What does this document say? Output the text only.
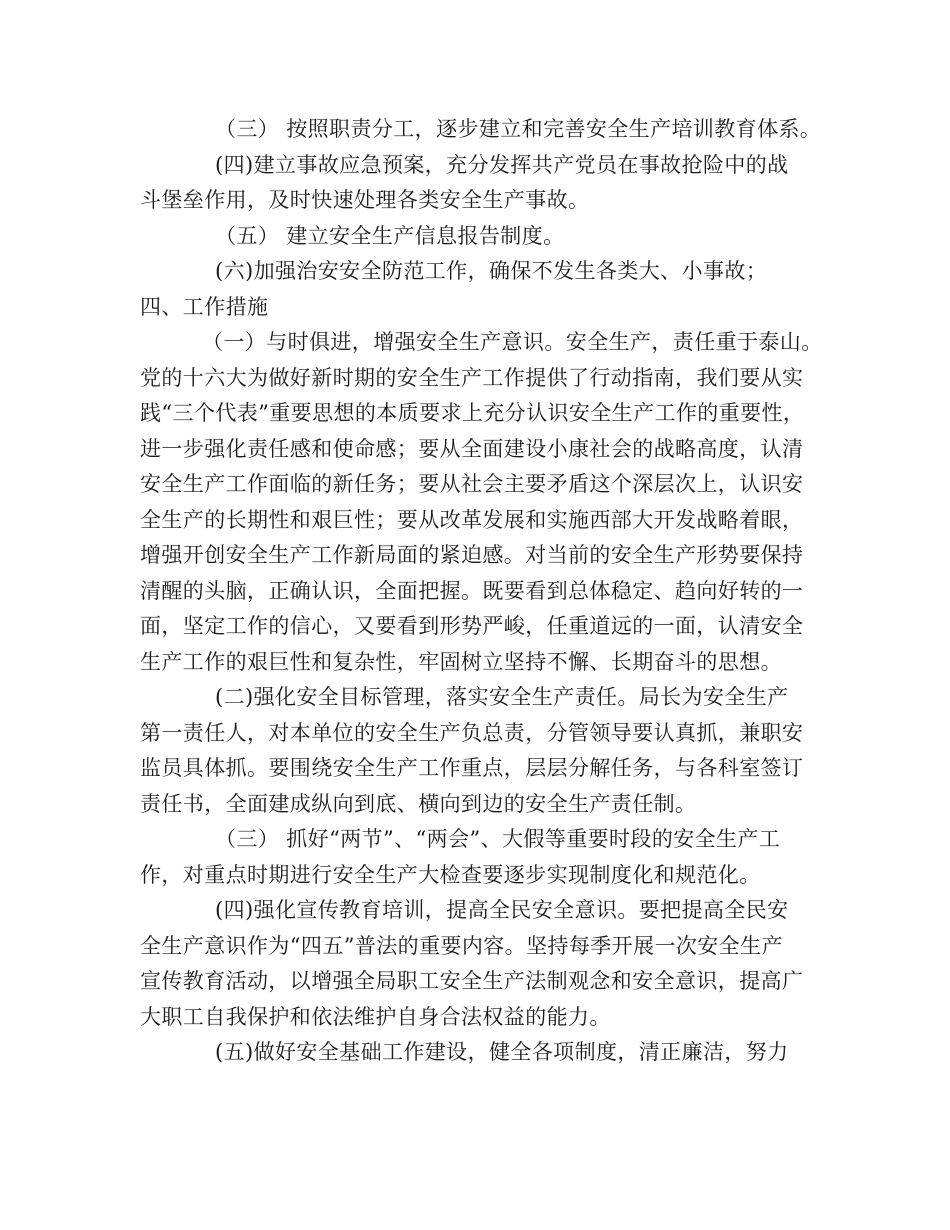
（三） 按照职责分工，逐步建立和完善安全生产培训教育体系。
(四)建立事故应急预案，充分发挥共产党员在事故抢险中的战
斗堡垒作用，及时快速处理各类安全生产事故。
（五） 建立安全生产信息报告制度。
(六)加强治安安全防范工作，确保不发生各类大、小事故；
四、工作措施
（一）与时俱进，增强安全生产意识。安全生产，责任重于泰山。
党的十六大为做好新时期的安全生产工作提供了行动指南，我们要从实
践“三个代表”重要思想的本质要求上充分认识安全生产工作的重要性，
进一步强化责任感和使命感；要从全面建设小康社会的战略高度，认清
安全生产工作面临的新任务；要从社会主要矛盾这个深层次上，认识安
全生产的长期性和艰巨性；要从改革发展和实施西部大开发战略着眼，
增强开创安全生产工作新局面的紧迫感。对当前的安全生产形势要保持
清醒的头脑，正确认识，全面把握。既要看到总体稳定、趋向好转的一
面，坚定工作的信心，又要看到形势严峻，任重道远的一面，认清安全
生产工作的艰巨性和复杂性，牢固树立坚持不懈、长期奋斗的思想。
(二)强化安全目标管理，落实安全生产责任。局长为安全生产
第一责任人，对本单位的安全生产负总责，分管领导要认真抓，兼职安
监员具体抓。要围绕安全生产工作重点，层层分解任务，与各科室签订
责任书，全面建成纵向到底、横向到边的安全生产责任制。
（三） 抓好“两节”、“两会”、大假等重要时段的安全生产工
作，对重点时期进行安全生产大检查要逐步实现制度化和规范化。
(四)强化宣传教育培训，提高全民安全意识。要把提高全民安
全生产意识作为“四五”普法的重要内容。坚持每季开展一次安全生产
宣传教育活动，以增强全局职工安全生产法制观念和安全意识，提高广
大职工自我保护和依法维护自身合法权益的能力。
(五)做好安全基础工作建设，健全各项制度，清正廉洁，努力
